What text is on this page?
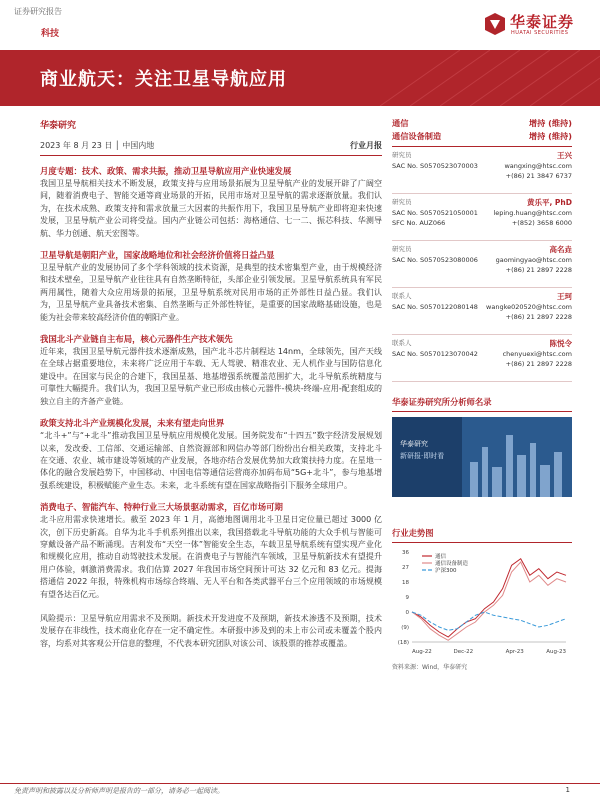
证券研究报告
科技
华泰证券
HUATAI SECURITIES
商业航天：关注卫星导航应用
华泰研究
2023 年 8 月 23 日 │ 中国内地	行业月报
月度专题：技术、政策、需求共振，推动卫星导航应用产业快速发展

我国卫星导航相关技术不断发展，政策支持与应用场景拓展为卫星导航产业的发展开辟了广阔空间，随着消费电子、智能交通等商业场景的开拓，民用市场对卫星导航的需求逐渐放量。我们认为，在技术成熟、政策支持和需求放量三大因素的共振作用下，我国卫星导航产业即将迎来快速发展，卫星导航产业公司将受益。国内产业链公司包括：海格通信、七一二、振芯科技、华测导航、华力创通、航天宏图等。

卫星导航是朝阳产业，国家战略地位和社会经济价值将日益凸显

卫星导航产业的发展协同了多个学科领域的技术资源，是典型的技术密集型产业，由于规模经济和技术壁垒，卫星导航产业往往具有自然垄断特征，头部企业引领发展。卫星导航系统具有军民两用属性，随着大众应用场景的拓展，卫星导航系统对民用市场的正外部性日益凸显。我们认为，卫星导航产业具备技术密集、自然垄断与正外部性特征，是重要的国家战略基础设施，也是能为社会带来较高经济价值的朝阳产业。

我国北斗产业链自主布局，核心元器件生产技术领先

近年来，我国卫星导航元器件技术逐渐成熟，国产北斗芯片制程达 14nm，全球领先，国产天线在全球占据重要地位，未来将广泛应用于车载、无人驾驶、精准农业、无人机作业与国防信息化建设中。在国家与民企的合建下，我国星基、地基增强系统覆盖范围扩大，北斗导航系统精度与可靠性大幅提升。我们认为，我国卫星导航产业已形成由核心元器件-模块-终端-应用-配套组成的独立自主的齐备产业链。

政策支持北斗产业规模化发展，未来有望走向世界

“北斗+”与“+北斗”推动我国卫星导航应用规模化发展。国务院发布“十四五”数字经济发展规划以来，发改委、工信部、交通运输部、自然资源部和网信办等部门纷纷出台相关政策，支持北斗在交通、农业、城市建设等领域的产业发展，各地亦结合发展优势加大政策扶持力度。在星地一体化的融合发展趋势下，中国移动、中国电信等通信运营商亦加码布局“5G+北斗”，参与地基增强系统建设，积极赋能产业生态。未来，北斗系统有望在国家战略指引下服务全球用户。

消费电子、智能汽车、特种行业三大场景驱动需求，百亿市场可期

北斗应用需求快速增长。截至 2023 年 1 月，高德地图调用北斗卫星日定位量已超过 3000 亿次，创下历史新高。自华为北斗手机系列推出以来，我国搭载北斗导航功能的大众手机与智能可穿戴设备产品不断涌现。吉利发布“天空一体”智能安全生态，车载卫星导航系统有望实现产业化和规模化应用，推动自动驾驶技术发展。在消费电子与智能汽车领域，卫星导航新技术有望提升用户体验，刺激消费需求。我们估算 2027 年我国市场空间预计可达 32 亿元和 83 亿元。提海搭通信 2022 年报，特殊机构市场综合终端、无人平台和各类武器平台三个应用领域的市场规模有望各达百亿元。

风险提示：卫星导航应用需求不及预期。新技术开发进度不及预期，新技术渗透不及预期，技术发展存在非线性，技术商业化存在一定不确定性。本研报中涉及到的未上市公司或未覆盖个股内容，均系对其客观公开信息的整理，不代表本研究团队对该公司、该股票的推荐或覆盖。
通信	增持 (维持)
通信设备制造	增持 (维持)
研究员	王兴
SAC No. S0570523070003	wangxing@htsc.com
+(86) 21 3847 6737
研究员	黄乐平, PhD
SAC No. S0570521050001 leping.huang@htsc.com
SFC No. AUZ066	+(852) 3658 6000
研究员	高名垚
SAC No. S0570523080006	gaomingyao@htsc.com
+(86) 21 2897 2228
联系人	王珂
SAC No. S0570122080148 wangke020520@htsc.com
+(86) 21 2897 2228
联系人	陈悦令
SAC No. S0570123070042	chenyuexi@htsc.com
+(86) 21 2897 2228
华泰证券研究所分析师名录
华泰研究
新研报·即时看
行业走势图
36
27
18
9
0
(9)
(18)
Aug-22	Dec-22	Apr-23	Aug-23
通信
通信设备制造
沪深300
资料来源：Wind，华泰研究
免责声明和披露以及分析师声明是报告的一部分，请务必一起阅读。	1
